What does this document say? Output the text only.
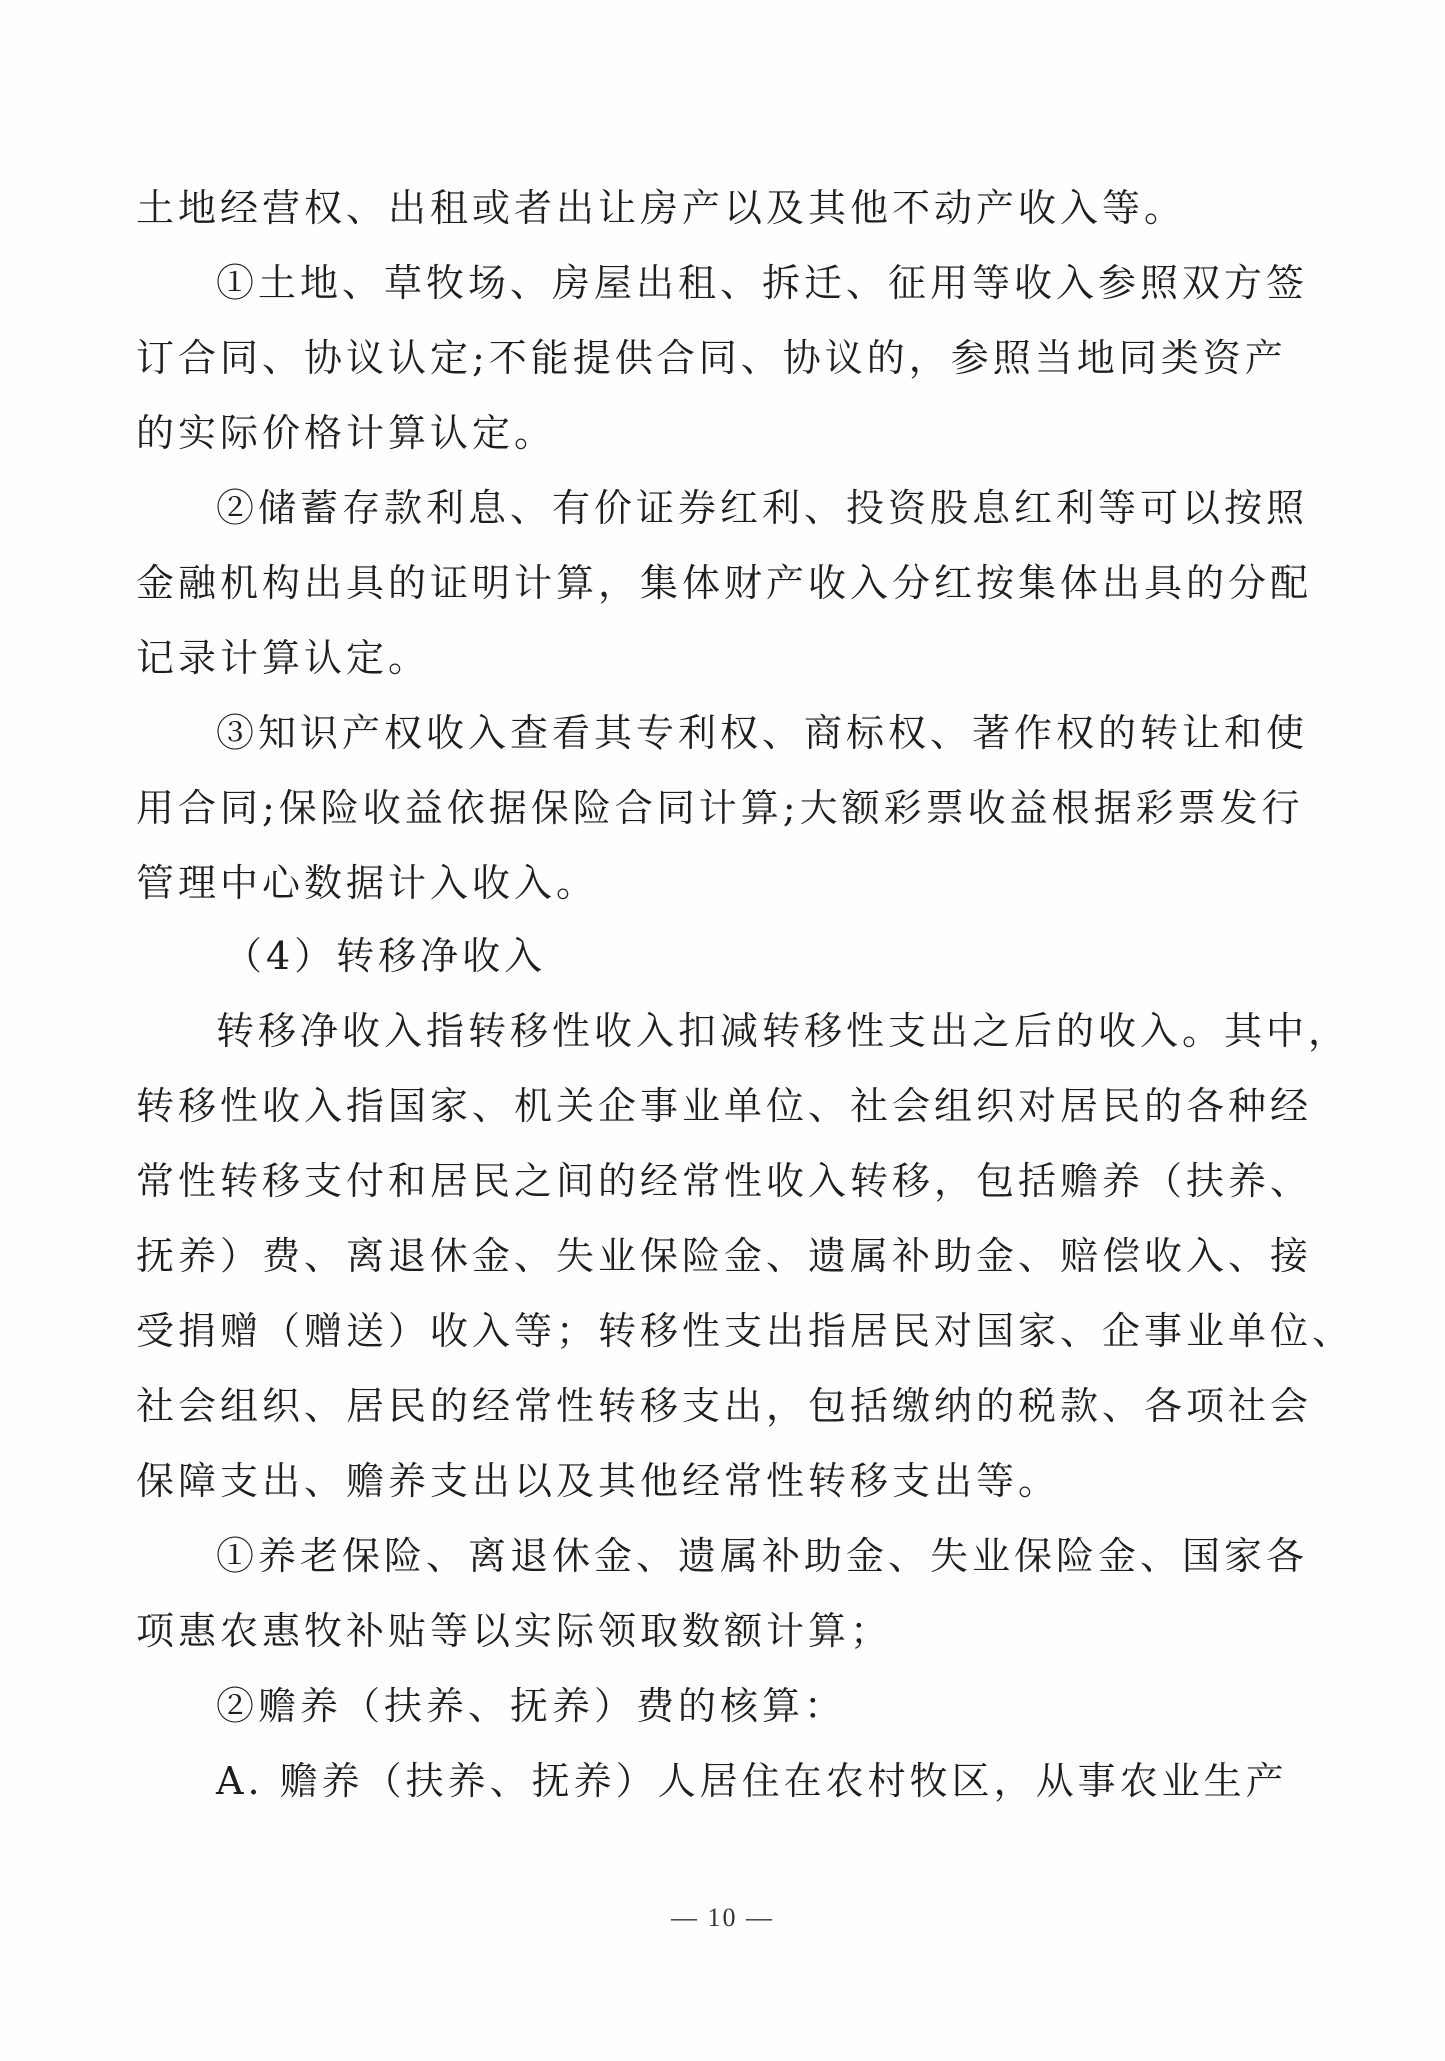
土地经营权、出租或者出让房产以及其他不动产收入等。
①土地、草牧场、房屋出租、拆迁、征用等收入参照双方签
订合同、协议认定;不能提供合同、协议的，参照当地同类资产
的实际价格计算认定。
②储蓄存款利息、有价证券红利、投资股息红利等可以按照
金融机构出具的证明计算，集体财产收入分红按集体出具的分配
记录计算认定。
③知识产权收入查看其专利权、商标权、著作权的转让和使
用合同;保险收益依据保险合同计算;大额彩票收益根据彩票发行
管理中心数据计入收入。
（4）转移净收入
转移净收入指转移性收入扣减转移性支出之后的收入。其中，
转移性收入指国家、机关企事业单位、社会组织对居民的各种经
常性转移支付和居民之间的经常性收入转移，包括赡养（扶养、
抚养）费、离退休金、失业保险金、遗属补助金、赔偿收入、接
受捐赠（赠送）收入等；转移性支出指居民对国家、企事业单位、
社会组织、居民的经常性转移支出，包括缴纳的税款、各项社会
保障支出、赡养支出以及其他经常性转移支出等。
①养老保险、离退休金、遗属补助金、失业保险金、国家各
项惠农惠牧补贴等以实际领取数额计算；
②赡养（扶养、抚养）费的核算：
A. 赡养（扶养、抚养）人居住在农村牧区，从事农业生产
— 10 —
